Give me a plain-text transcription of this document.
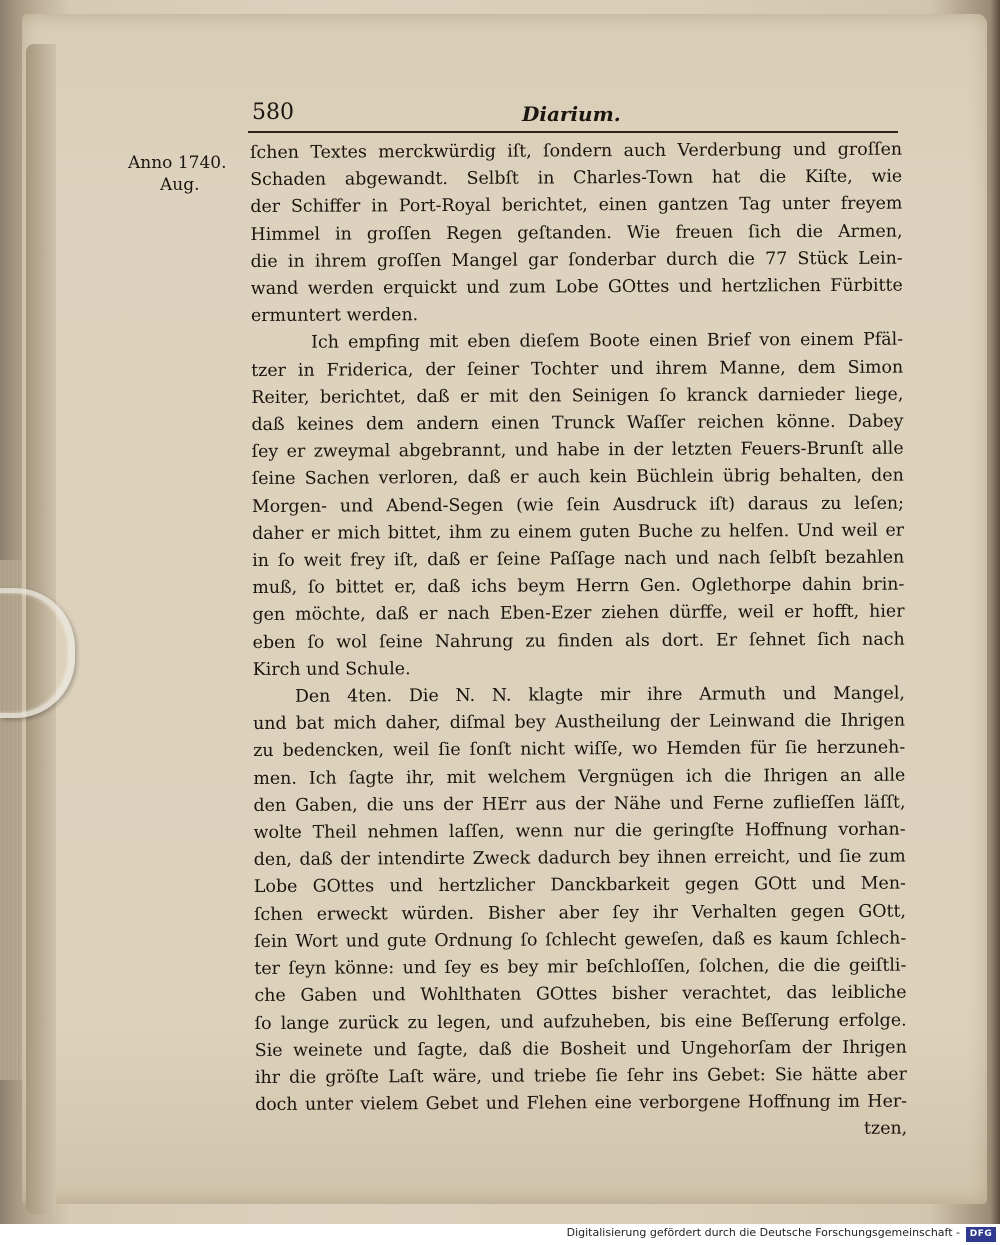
580	Diarium.
Anno 1740.
Aug.
ſchen Textes merckwürdig iſt, ſondern auch Verderbung und groſſen
Schaden abgewandt. Selbſt in Charles-Town hat die Kiſte, wie
der Schiffer in Port-Royal berichtet, einen gantzen Tag unter freyem
Himmel in groſſen Regen geſtanden. Wie freuen ſich die Armen,
die in ihrem groſſen Mangel gar ſonderbar durch die 77 Stück Lein-
wand werden erquickt und zum Lobe GOttes und hertzlichen Fürbitte
ermuntert werden.
Ich empfing mit eben dieſem Boote einen Brief von einem Pfäl-
tzer in Friderica, der ſeiner Tochter und ihrem Manne, dem Simon
Reiter, berichtet, daß er mit den Seinigen ſo kranck darnieder liege,
daß keines dem andern einen Trunck Waſſer reichen könne. Dabey
ſey er zweymal abgebrannt, und habe in der letzten Feuers-Brunſt alle
ſeine Sachen verloren, daß er auch kein Büchlein übrig behalten, den
Morgen- und Abend-Segen (wie ſein Ausdruck iſt) daraus zu leſen;
daher er mich bittet, ihm zu einem guten Buche zu helfen. Und weil er
in ſo weit frey iſt, daß er ſeine Paſſage nach und nach ſelbſt bezahlen
muß, ſo bittet er, daß ichs beym Herrn Gen. Oglethorpe dahin brin-
gen möchte, daß er nach Eben-Ezer ziehen dürffe, weil er hofft, hier
eben ſo wol ſeine Nahrung zu finden als dort. Er ſehnet ſich nach
Kirch und Schule.
Den 4ten. Die N. N. klagte mir ihre Armuth und Mangel,
und bat mich daher, diſmal bey Austheilung der Leinwand die Ihrigen
zu bedencken, weil ſie ſonſt nicht wiſſe, wo Hemden für ſie herzuneh-
men. Ich ſagte ihr, mit welchem Vergnügen ich die Ihrigen an alle
den Gaben, die uns der HErr aus der Nähe und Ferne zuflieſſen läſſt,
wolte Theil nehmen laſſen, wenn nur die geringſte Hoffnung vorhan-
den, daß der intendirte Zweck dadurch bey ihnen erreicht, und ſie zum
Lobe GOttes und hertzlicher Danckbarkeit gegen GOtt und Men-
ſchen erweckt würden. Bisher aber ſey ihr Verhalten gegen GOtt,
ſein Wort und gute Ordnung ſo ſchlecht geweſen, daß es kaum ſchlech-
ter ſeyn könne: und ſey es bey mir beſchloſſen, ſolchen, die die geiſtli-
che Gaben und Wohlthaten GOttes bisher verachtet, das leibliche
ſo lange zurück zu legen, und aufzuheben, bis eine Beſſerung erfolge.
Sie weinete und ſagte, daß die Bosheit und Ungehorſam der Ihrigen
ihr die gröſte Laſt wäre, und triebe ſie ſehr ins Gebet: Sie hätte aber
doch unter vielem Gebet und Flehen eine verborgene Hoffnung im Her-
tzen,
Digitalisierung gefördert durch die Deutsche Forschungsgemeinschaft -	DFG
